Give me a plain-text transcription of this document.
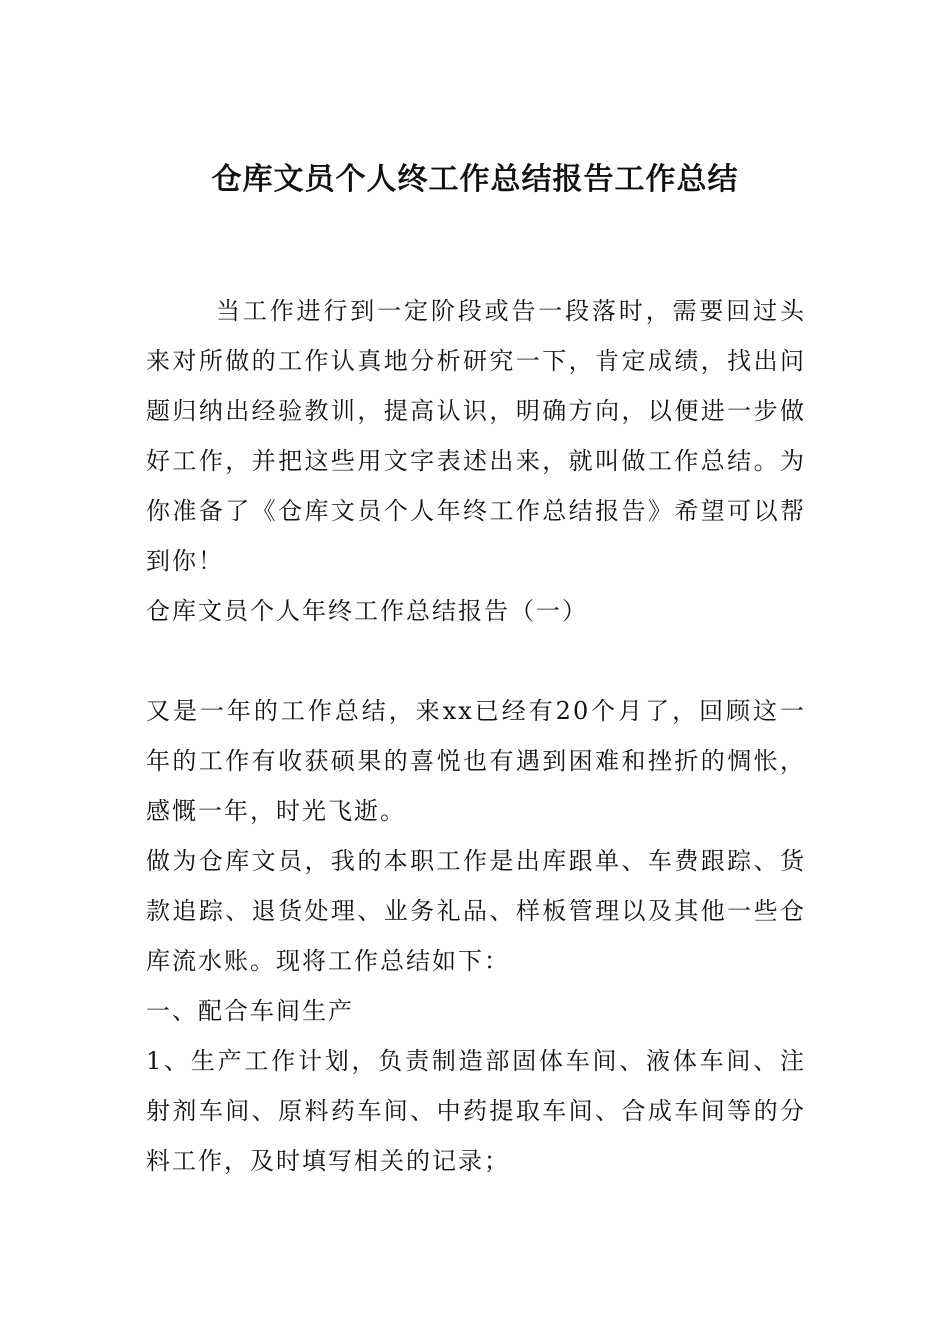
仓库文员个人终工作总结报告工作总结

当工作进行到一定阶段或告一段落时，需要回过头来对所做的工作认真地分析研究一下，肯定成绩，找出问题归纳出经验教训，提高认识，明确方向，以便进一步做好工作，并把这些用文字表述出来，就叫做工作总结。为你准备了《仓库文员个人年终工作总结报告》希望可以帮到你！

仓库文员个人年终工作总结报告（一）

又是一年的工作总结，来xx已经有20个月了，回顾这一年的工作有收获硕果的喜悦也有遇到困难和挫折的惆怅，感慨一年，时光飞逝。

做为仓库文员，我的本职工作是出库跟单、车费跟踪、货款追踪、退货处理、业务礼品、样板管理以及其他一些仓库流水账。现将工作总结如下：

一、配合车间生产

1、生产工作计划，负责制造部固体车间、液体车间、注射剂车间、原料药车间、中药提取车间、合成车间等的分料工作，及时填写相关的记录；
